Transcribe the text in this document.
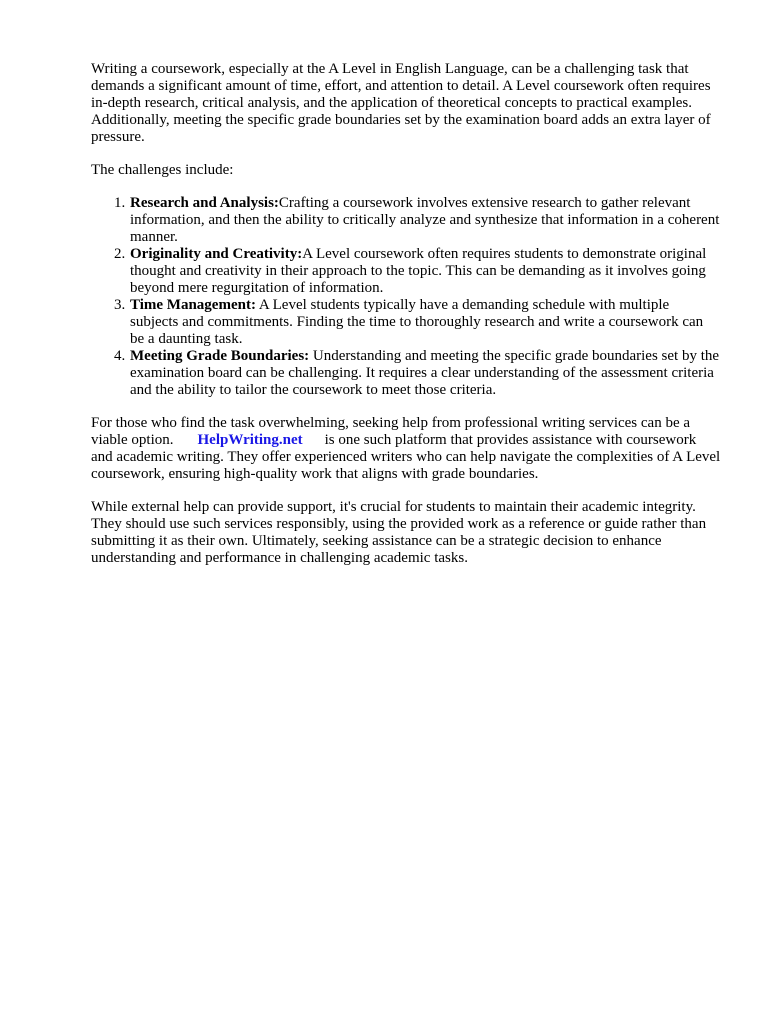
Writing a coursework, especially at the A Level in English Language, can be a challenging task that demands a significant amount of time, effort, and attention to detail. A Level coursework often requires in-depth research, critical analysis, and the application of theoretical concepts to practical examples. Additionally, meeting the specific grade boundaries set by the examination board adds an extra layer of pressure.

The challenges include:

1. Research and Analysis:Crafting a coursework involves extensive research to gather relevant information, and then the ability to critically analyze and synthesize that information in a coherent manner.
2. Originality and Creativity:A Level coursework often requires students to demonstrate original thought and creativity in their approach to the topic. This can be demanding as it involves going beyond mere regurgitation of information.
3. Time Management: A Level students typically have a demanding schedule with multiple subjects and commitments. Finding the time to thoroughly research and write a coursework can be a daunting task.
4. Meeting Grade Boundaries: Understanding and meeting the specific grade boundaries set by the examination board can be challenging. It requires a clear understanding of the assessment criteria and the ability to tailor the coursework to meet those criteria.

For those who find the task overwhelming, seeking help from professional writing services can be a viable option. HelpWriting.net is one such platform that provides assistance with coursework and academic writing. They offer experienced writers who can help navigate the complexities of A Level coursework, ensuring high-quality work that aligns with grade boundaries.

While external help can provide support, it's crucial for students to maintain their academic integrity. They should use such services responsibly, using the provided work as a reference or guide rather than submitting it as their own. Ultimately, seeking assistance can be a strategic decision to enhance understanding and performance in challenging academic tasks.
